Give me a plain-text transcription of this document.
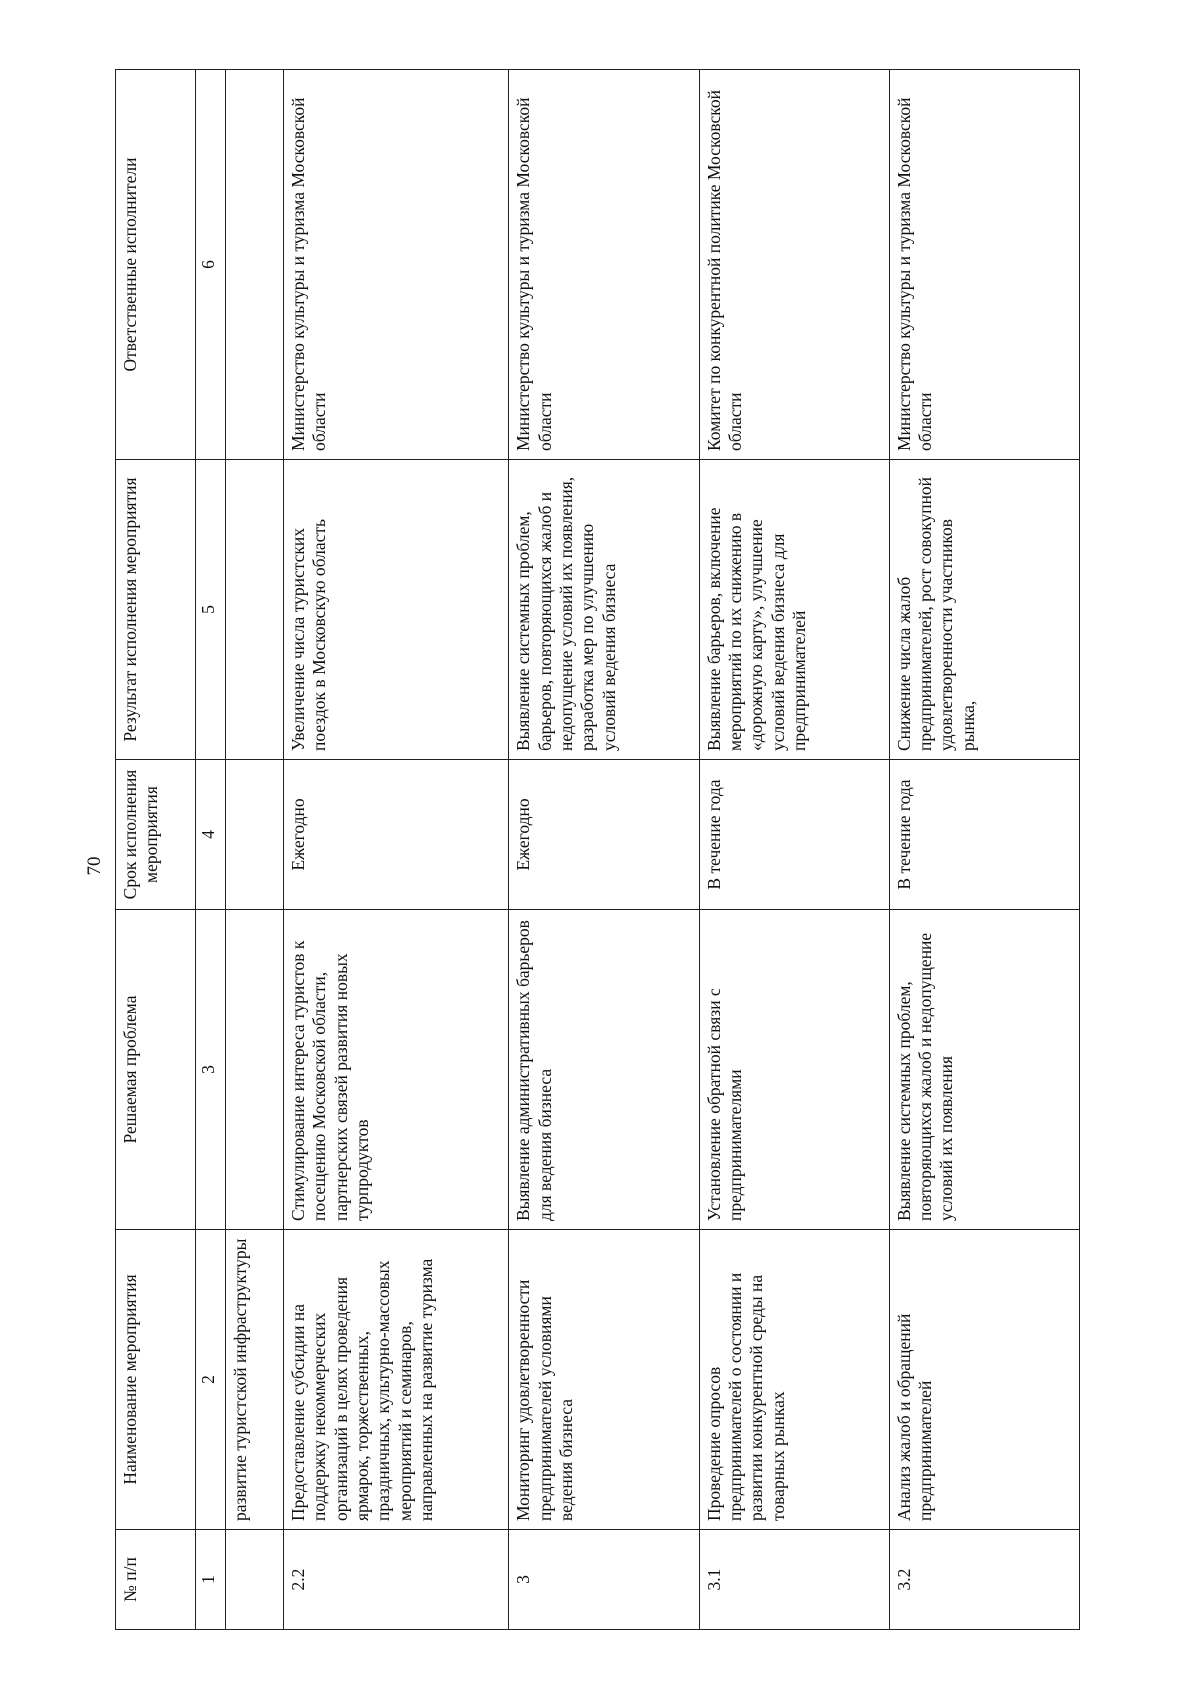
70
№ п/п	Наименование мероприятия	Решаемая проблема	Срок исполнения мероприятия	Результат исполнения мероприятия	Ответственные исполнители
1	2	3	4	5	6
	развитие туристской инфраструктуры				
2.2	Предоставление субсидии на поддержку некоммерческих организаций в целях проведения ярмарок, торжественных, праздничных, культурно-массовых мероприятий и семинаров, направленных на развитие туризма	Стимулирование интереса туристов к посещению Московской области, партнерских связей развития новых турпродуктов	Ежегодно	Увеличение числа туристских поездок в Московскую область	Министерство культуры и туризма Московской области
3	Мониторинг удовлетворенности предпринимателей условиями ведения бизнеса	Выявление административных барьеров для ведения бизнеса	Ежегодно	Выявление системных проблем, барьеров, повторяющихся жалоб и недопущение условий их появления, разработка мер по улучшению условий ведения бизнеса	Министерство культуры и туризма Московской области
3.1	Проведение опросов предпринимателей о состоянии и развитии конкурентной среды на товарных рынках	Установление обратной связи с предпринимателями	В течение года	Выявление барьеров, включение мероприятий по их снижению в «дорожную карту», улучшение условий ведения бизнеса для предпринимателей	Комитет по конкурентной политике Московской области
3.2	Анализ жалоб и обращений предпринимателей	Выявление системных проблем, повторяющихся жалоб и недопущение условий их появления	В течение года	Снижение числа жалоб предпринимателей, рост совокупной удовлетворенности участников рынка,	Министерство культуры и туризма Московской области
